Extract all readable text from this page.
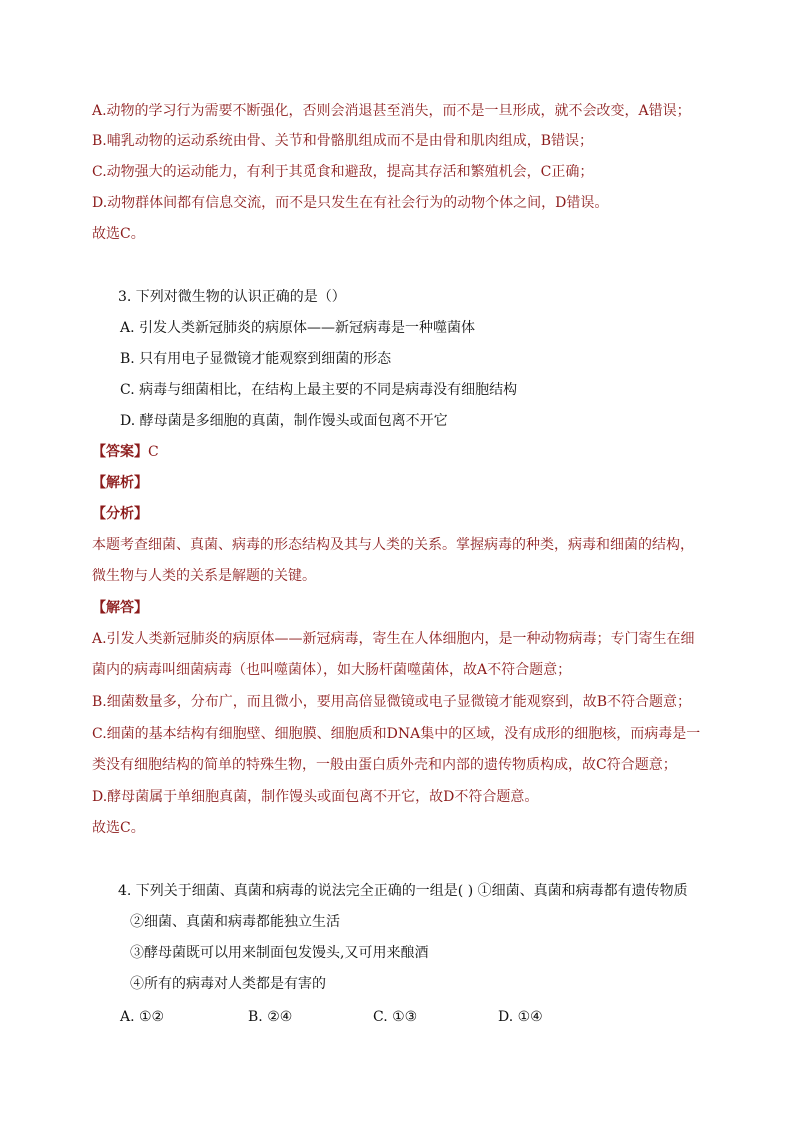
A.动物的学习行为需要不断强化，否则会消退甚至消失，而不是一旦形成，就不会改变，A错误；
B.哺乳动物的运动系统由骨、关节和骨骼肌组成而不是由骨和肌肉组成，B错误；
C.动物强大的运动能力，有利于其觅食和避敌，提高其存活和繁殖机会，C正确；
D.动物群体间都有信息交流，而不是只发生在有社会行为的动物个体之间，D错误。
故选C。
3. 下列对微生物的认识正确的是（）
A. 引发人类新冠肺炎的病原体——新冠病毒是一种噬菌体
B. 只有用电子显微镜才能观察到细菌的形态
C. 病毒与细菌相比，在结构上最主要的不同是病毒没有细胞结构
D. 酵母菌是多细胞的真菌，制作馒头或面包离不开它
【答案】C
【解析】
【分析】
本题考查细菌、真菌、病毒的形态结构及其与人类的关系。掌握病毒的种类，病毒和细菌的结构，
微生物与人类的关系是解题的关键。
【解答】
A.引发人类新冠肺炎的病原体——新冠病毒，寄生在人体细胞内，是一种动物病毒；专门寄生在细
菌内的病毒叫细菌病毒（也叫噬菌体），如大肠杆菌噬菌体，故A不符合题意；
B.细菌数量多，分布广，而且微小，要用高倍显微镜或电子显微镜才能观察到，故B不符合题意；
C.细菌的基本结构有细胞壁、细胞膜、细胞质和DNA集中的区域，没有成形的细胞核，而病毒是一
类没有细胞结构的简单的特殊生物，一般由蛋白质外壳和内部的遗传物质构成，故C符合题意；
D.酵母菌属于单细胞真菌，制作馒头或面包离不开它，故D不符合题意。
故选C。
4. 下列关于细菌、真菌和病毒的说法完全正确的一组是( ) ①细菌、真菌和病毒都有遗传物质
②细菌、真菌和病毒都能独立生活
③酵母菌既可以用来制面包发馒头,又可用来酿酒
④所有的病毒对人类都是有害的
A. ①②	B. ②④	C. ①③	D. ①④
